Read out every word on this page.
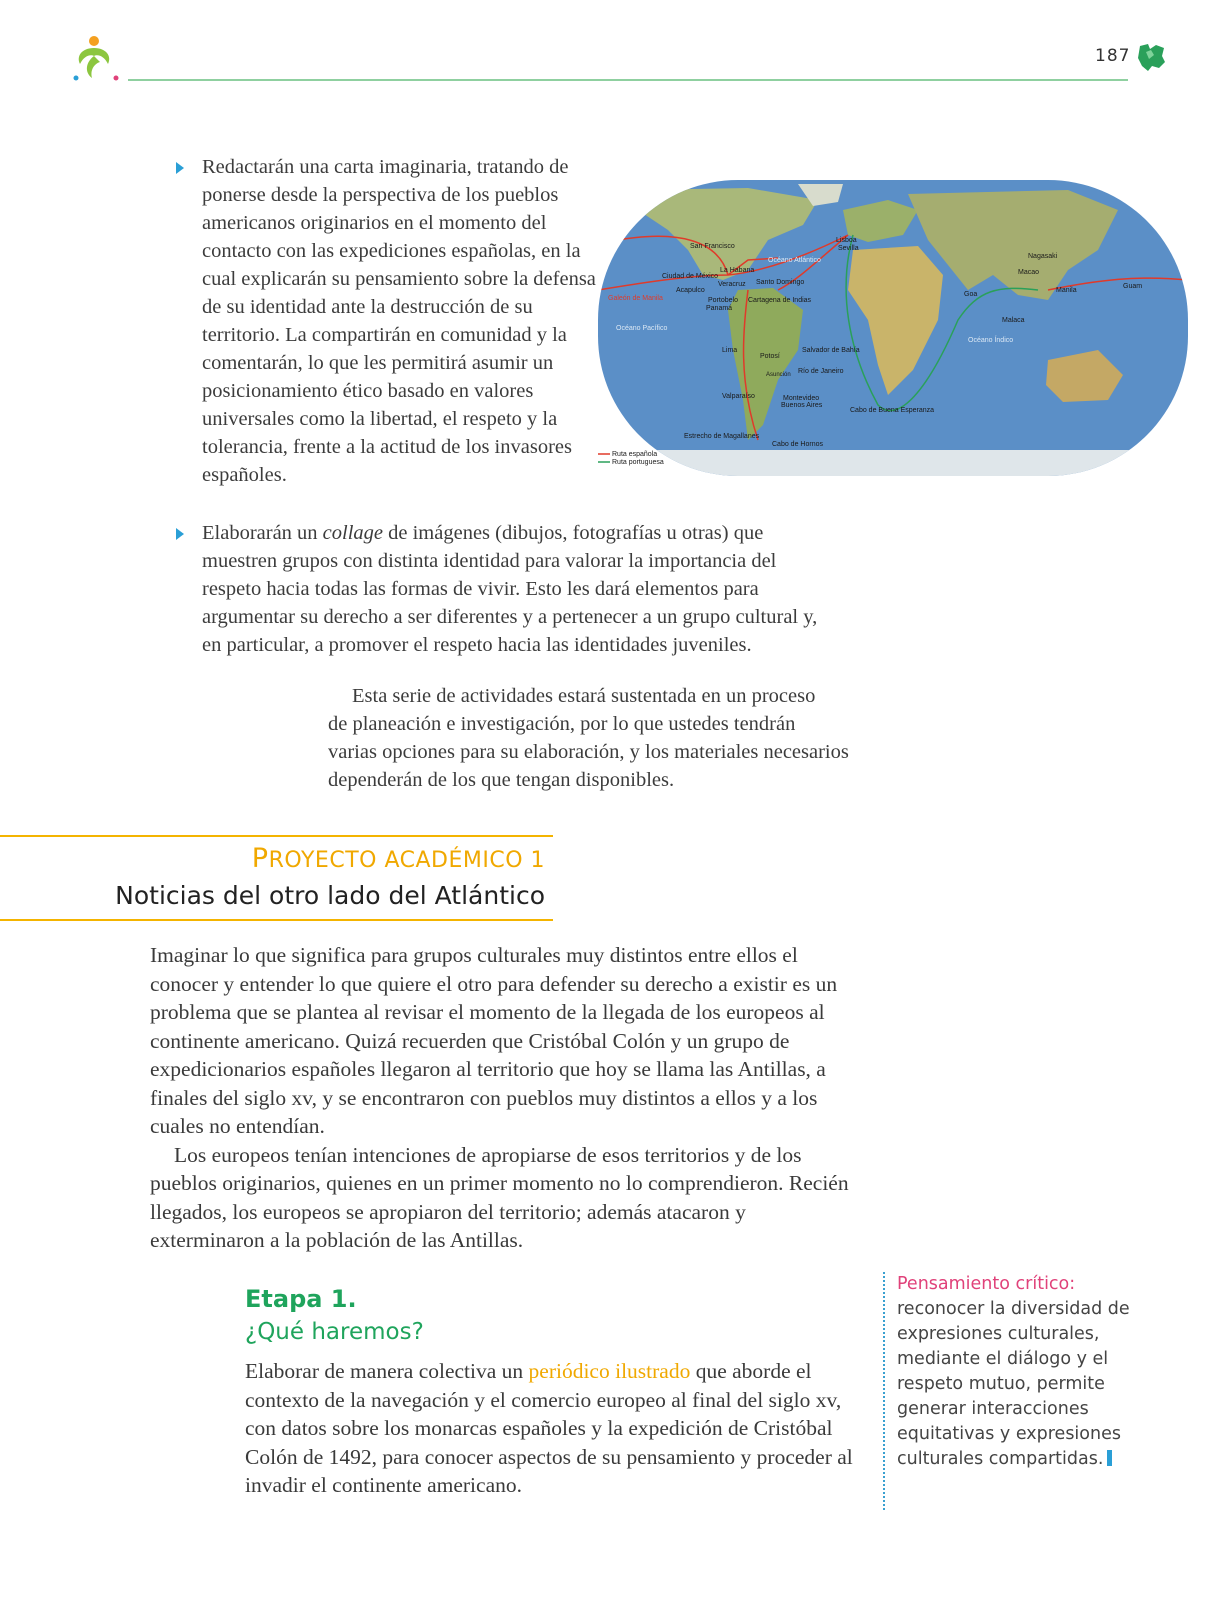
187
Redactarán una carta imaginaria, tratando de ponerse desde la perspectiva de los pueblos americanos originarios en el momento del contacto con las expediciones españolas, en la cual explicarán su pensamiento sobre la defensa de su identidad ante la destrucción de su territorio. La compartirán en comunidad y la comentarán, lo que les permitirá asumir un posicionamiento ético basado en valores universales como la libertad, el respeto y la tolerancia, frente a la actitud de los invasores españoles.
San Francisco
Lisboa
Sevilla
Nagasaki
Océano Atlántico
La Habana	Macao
Ciudad de México
Veracruz Santo Domingo
Acapulco
Galeón de Manila	Portobelo
Panamá
Cartagena de Indias
Goa
Manila
Guam
Océano Pacífico
Malaca
Océano Índico
Lima
Potosí
Salvador de Bahía
Asunción Río de Janeiro
Valparaíso	Montevideo
Buenos Aires
Cabo de Buena Esperanza
Estrecho de Magallanes
Cabo de Hornos
Ruta española
Ruta portuguesa
Elaborarán un collage de imágenes (dibujos, fotografías u otras) que muestren grupos con distinta identidad para valorar la importancia del respeto hacia todas las formas de vivir. Esto les dará elementos para argumentar su derecho a ser diferentes y a pertenecer a un grupo cultural y, en particular, a promover el respeto hacia las identidades juveniles.
Esta serie de actividades estará sustentada en un proceso
de planeación e investigación, por lo que ustedes tendrán
varias opciones para su elaboración, y los materiales necesarios
dependerán de los que tengan disponibles.
PROYECTO ACADÉMICO 1
Noticias del otro lado del Atlántico
Imaginar lo que significa para grupos culturales muy distintos entre ellos el conocer y entender lo que quiere el otro para defender su derecho a existir es un problema que se plantea al revisar el momento de la llegada de los europeos al continente americano. Quizá recuerden que Cristóbal Colón y un grupo de expedicionarios españoles llegaron al territorio que hoy se llama las Antillas, a finales del siglo xv, y se encontraron con pueblos muy distintos a ellos y a los cuales no entendían.
Los europeos tenían intenciones de apropiarse de esos territorios y de los pueblos originarios, quienes en un primer momento no lo comprendieron. Recién llegados, los europeos se apropiaron del territorio; además atacaron y exterminaron a la población de las Antillas.
Etapa 1.
¿Qué haremos?
Elaborar de manera colectiva un periódico ilustrado que aborde el contexto de la navegación y el comercio europeo al final del siglo xv, con datos sobre los monarcas españoles y la expedición de Cristóbal Colón de 1492, para conocer aspectos de su pensamiento y proceder al invadir el continente americano.
Pensamiento crítico:
reconocer la diversidad de expresiones culturales, mediante el diálogo y el respeto mutuo, permite generar interacciones equitativas y expresiones culturales compartidas.
